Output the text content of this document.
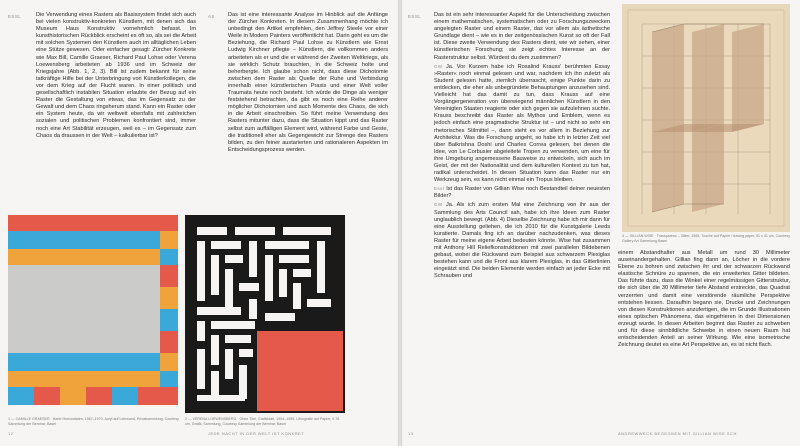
ESSL	Die Verwendung eines Rasters als Basissystem findet sich auch bei vielen konstruktiv-konkreten Künstlern, mit denen sich das Museum Haus Konstruktiv vornehmlich befasst. Im kunsthistorischen Rückblick erscheint es oft so, als sei die Arbeit mit solchen Systemen den Künstlern auch im alltäglichen Leben eine Stütze gewesen. Oder einfacher gesagt: Zürcher Konkrete wie Max Bill, Camille Graeser, Richard Paul Lohse oder Verena Loewensberg arbeiteten ab 1936 und im Schweiz der Kriegsjahre (Abb. 1, 2, 3). Bill ist zudem bekannt für seine tatkräftige Hilfe bei der Unterbringung von Künstlerkollegen, die vor dem Krieg auf der Flucht waren. In einer politisch und gesellschaftlich instabilen Situation erlaubte der Bezug auf ein Raster die Gestaltung von etwas, das im Gegensatz zu der Gewalt und dem Chaos ringsherum stand. Kann ein Raster oder ein System heute, da wir weltweit ebenfalls mit zahlreichen sozialen und politischen Problemen konfrontiert sind, immer noch eine Art Stabilität erzeugen, weil es – im Gegensatz zum Chaos da draussen in der Welt – kalkulierbar ist?

AS Das ist eine interessante Analyse im Hinblick auf die Anfänge der Zürcher Konkreten. In diesem Zusammenhang möchte ich unbedingt den Artikel empfehlen, den Jeffrey Steele vor einer Weile in Modern Painters veröffentlicht hat. Darin geht es um die Beziehung, die Richard Paul Lohse zu Künstlern wie Ernst Ludwig Kirchner pflegte – Künstlern, die vollkommen anders arbeiteten als er und die er während der Zweiten Weltkriegs, als sie wirklich Schutz brauchten, in die Schweiz holte und beherbergte. Ich glaube schon nicht, dass diese Dichotomie zwischen dem Raster als Quelle der Ruhe und Verbindung innerhalb einer künstlerischen Praxis und einer Welt voller Traumata heute noch besteht. Ich würde die Dinge als weniger feststehend betrachten, da gibt es noch eine Reihe anderer möglicher Dichotomien und auch Momente des Chaos, die sich in die Arbeit einschreiben. So führt meine Verwendung des Rasters mitunter dazu, dass die Situation kippt und das Raster selbst zum auffälligen Element wird, während Farbe und Geste, die traditionell eher als Gegengewicht zur Strenge des Rasters bilden, zu den feiner austarierten und rationaleren Aspekten im Entscheidungsprozess werden.

1 — CAMILLE GRAESER · Harte Horizontalen, 1967–1970, Acryl auf Leinwand, Privatsammlung, Courtesy Sammlung der Bernhar, Basel
2 — VERENA LOEWENSBERG · Ohne Titel, Grafikblatt, 1954–1955, Lithografie auf Papier, 0.76 cm, Grafik, Sammlung, Courtesy Sammlung der Bernhar, Basel
12	JEDE NACHT IN DER WELT IST KONKRET
ESSL Das ist ein sehr interessanter Aspekt für die Unterscheidung zwischen einem mathematischen, systematischen oder zu Forschungszwecken angelegten Raster und einem Raster, das vor allem als ästhetische Grundlage dient – wie es in der zeitgenössischen Kunst so oft der Fall ist. Diese zweite Verwendung des Rasters dient, wie wir sehen, einer künstlerischen Forschung; sie zeigt echtes Interesse an der Rasterstruktur selbst. Würdest du dem zustimmen?

GW Ja. Vor Kurzem habe ich Rosalind Krauss' berühmten Essay »Raster« noch einmal gelesen und war, nachdem ich ihn zuletzt als Student gelesen hatte, ziemlich überrascht, einige Punkte darin zu entdecken, die eher als unbegründete Behauptungen anzusehen sind. Vielleicht hat das damit zu tun, dass Krauss auf eine Vorgängergeneration von überwiegend männlichen Künstlern in den Vereinigten Staaten reagierte oder sich gegen sie aufzulehnen suchte. Krauss beschreibt das Raster als Mythos und Emblem, wenn es jedoch einfach eine pragmatische Struktur ist – und nicht so sehr ein rhetorisches Stilmittel –, dann steht es vor allem in Beziehung zur Architektur. Was die Forschung angeht, so habe ich in letzter Zeit viel über Balkrishna Doshi und Charles Correa gelesen, bei denen die Idee, von Le Corbusier abgeleitete Tropen zu verwenden, um eine für ihre Umgebung angemessene Bauweise zu entwickeln, sich auch im Geist, der mit der Nationalität und dem kulturellen Kontext zu tun hat, radikal unterscheidet. In diesen Situation kann das Raster nur ein Werkzeug sein, es kann nicht einmal ein Tropus bleiben.

Essl Ist das Raster von Gillian Wise noch Bestandteil deiner neuesten Bilder?

GW Ja. Als ich zum ersten Mal eine Zeichnung von ihr aus der Sammlung des Arts Council sah, habe ich ihre Ideen zum Raster unglaublich bewegt. (Abb. 4) Dieselbe Zeichnung habe ich mir dann für eine Ausstellung geliehen, die ich 2010 für die Kunstgalerie Leeds kuratierte. Damals fing ich an darüber nachzudenken, was dieses Raster für meine eigene Arbeit bedeuten könnte. Wise hat zusammen mit Anthony Hill Reliefkonstruktionen mit zwei parallelen Bildebenen gebaut, wobei die Rückwand zum Beispiel aus schwarzem Plexiglas bestehen kann und die Front aus klarem Plexiglas, in das Gitterlinien eingeätzt sind. Die beiden Elemente werden einfach an jeder Ecke mit Schrauben und

4 — GILLIAN WISE · Transparenz – Gitter, 1965, Tusche auf Papier / tracing paper, 51 x 41 cm, Courtesy Gallery Art Sammlung Basel

einem Abstandhalter aus Metall um rund 30 Millimeter auseinandergehalten. Gillian fing dann an, Löcher in die vordere Ebene zu bohren und zwischen ihr und der schwarzen Rückwand elastische Schnüre zu spannen, die ein erweitertes Gitter bildeten. Das führte dazu, dass die Winkel einer regelmässigen Gitterstruktur, die sich über die 30 Millimeter tiefe Abstand erstreckte, das Quadrat verzerrten und damit eine verstörende räumliche Perspektive entstehen liessen. Daraufhin begann sie, Drucke und Zeichnungen von diesen Konstruktionen anzufertigen, die im Grunde Illustrationen eines optischen Phänomens, das eingefrieren in drei Dimensionen erzeugt wurde. In diesen Arbeiten beginnt das Raster zu schweben und für diese sinnbildliche Schwebe in einen neuen Raum hat entscheidenden Anteil an seiner Wirkung. Wie eine isometrische Zeichnung deutet es eine Art Perspektive an, es ist nicht flach.

13	ANDREWWECK BEGEGNEN MIT GILLIAN WISE SCH
